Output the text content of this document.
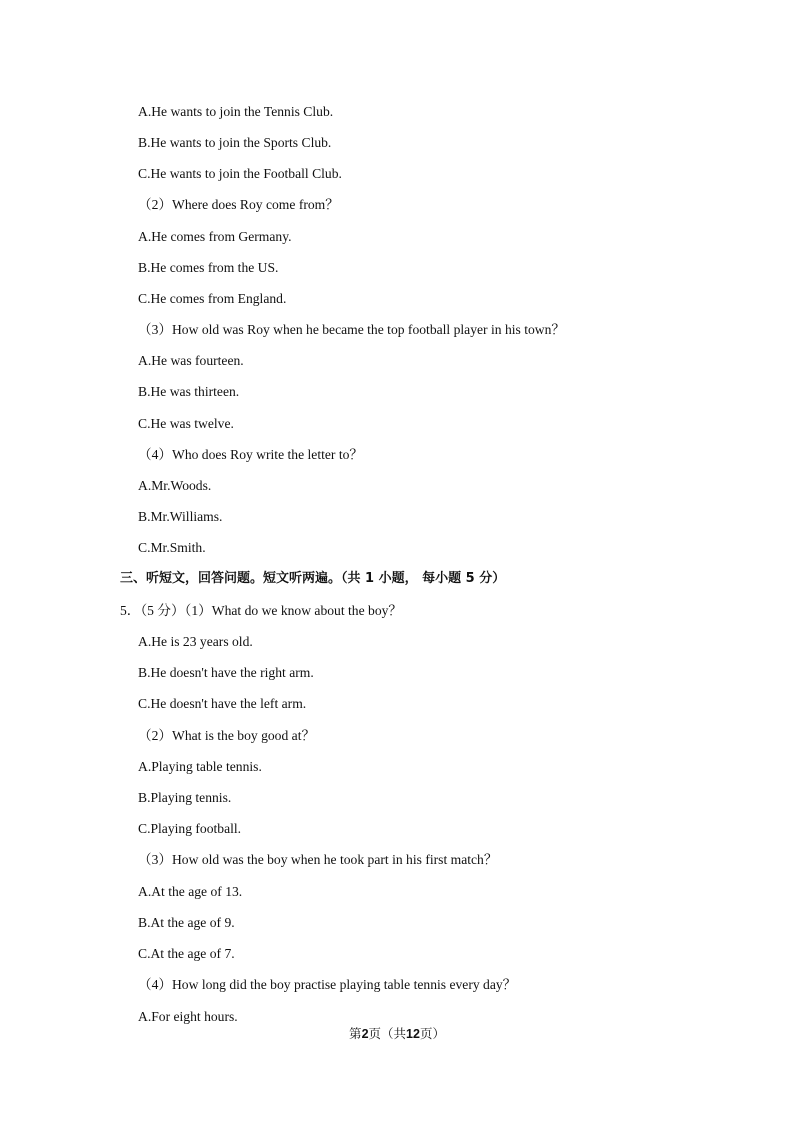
A.He wants to join the Tennis Club.
B.He wants to join the Sports Club.
C.He wants to join the Football Club.
（2）Where does Roy come from？
A.He comes from Germany.
B.He comes from the US.
C.He comes from England.
（3）How old was Roy when he became the top football player in his town？
A.He was fourteen.
B.He was thirteen.
C.He was twelve.
（4）Who does Roy write the letter to？
A.Mr.Woods.
B.Mr.Williams.
C.Mr.Smith.
三、听短文，回答问题。短文听两遍。（共 1 小题， 每小题 5 分）
5．（5 分）（1）What do we know about the boy？
A.He is 23 years old.
B.He doesn't have the right arm.
C.He doesn't have the left arm.
（2）What is the boy good at？
A.Playing table tennis.
B.Playing tennis.
C.Playing football.
（3）How old was the boy when he took part in his first match？
A.At the age of 13.
B.At the age of 9.
C.At the age of 7.
（4）How long did the boy practise playing table tennis every day？
A.For eight hours.
第2页（共12页）
